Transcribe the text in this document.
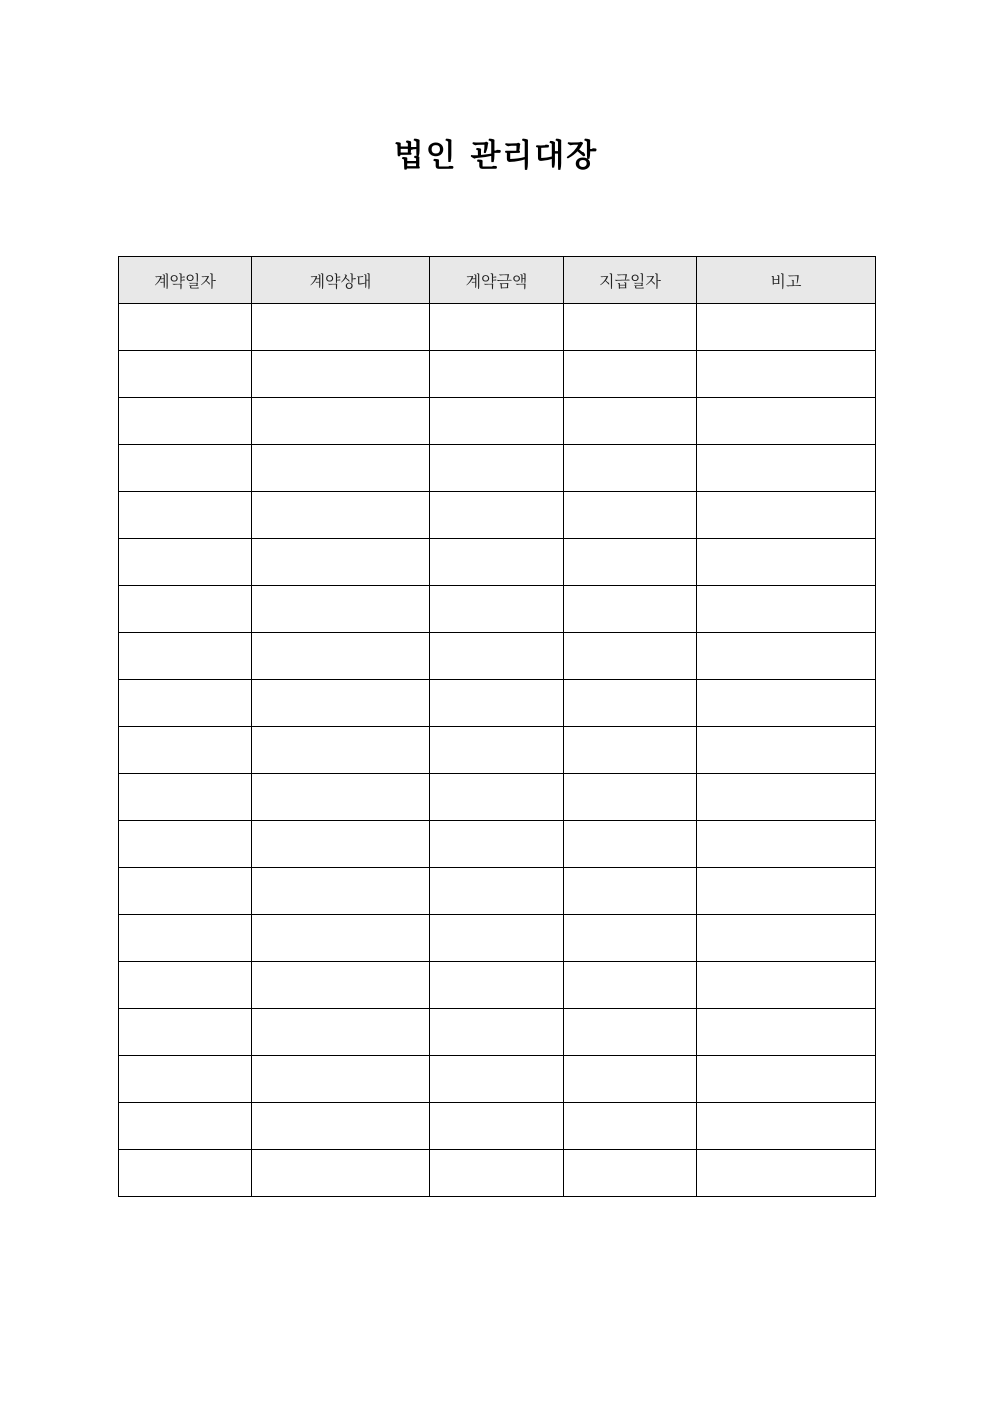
법인 관리대장
계약일자	계약상대	계약금액	지급일자	비고
